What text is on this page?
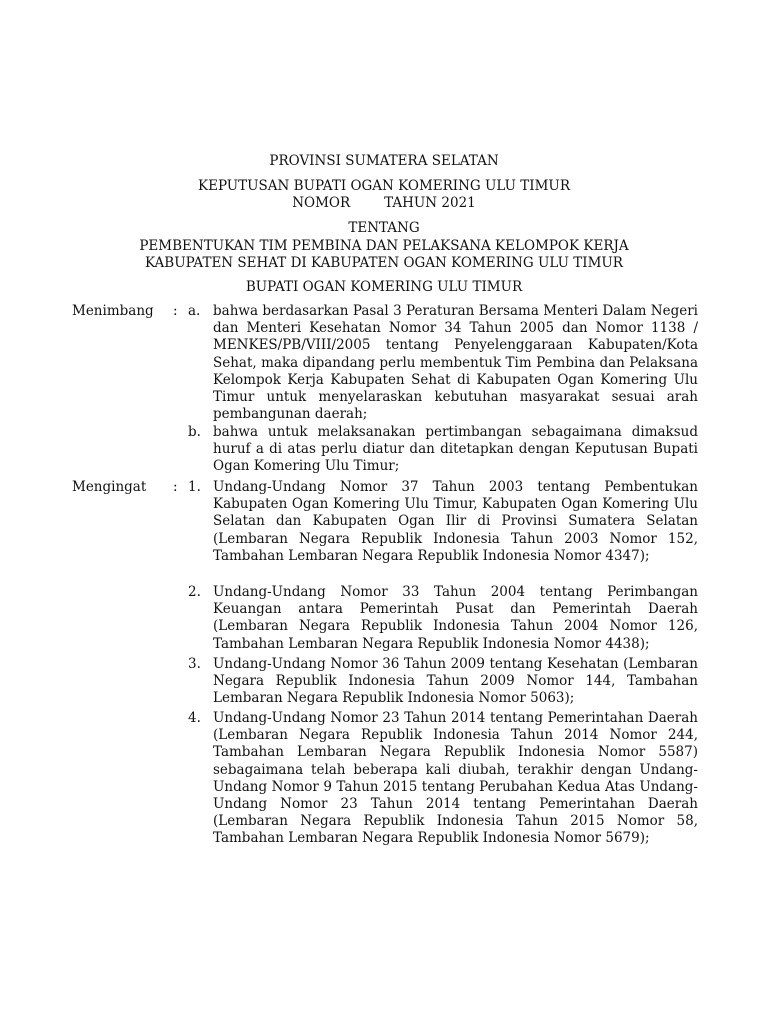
PROVINSI SUMATERA SELATAN
KEPUTUSAN BUPATI OGAN KOMERING ULU TIMUR
NOMOR	TAHUN 2021
TENTANG
PEMBENTUKAN TIM PEMBINA DAN PELAKSANA KELOMPOK KERJA
KABUPATEN SEHAT DI KABUPATEN OGAN KOMERING ULU TIMUR
BUPATI OGAN KOMERING ULU TIMUR
Menimbang : a. bahwa berdasarkan Pasal 3 Peraturan Bersama Menteri Dalam Negeri dan Menteri Kesehatan Nomor 34 Tahun 2005 dan Nomor 1138 / MENKES/PB/VIII/2005 tentang Penyelenggaraan Kabupaten/Kota Sehat, maka dipandang perlu membentuk Tim Pembina dan Pelaksana Kelompok Kerja Kabupaten Sehat di Kabupaten Ogan Komering Ulu Timur untuk menyelaraskan kebutuhan masyarakat sesuai arah pembangunan daerah;
b. bahwa untuk melaksanakan pertimbangan sebagaimana dimaksud huruf a di atas perlu diatur dan ditetapkan dengan Keputusan Bupati Ogan Komering Ulu Timur;
Mengingat : 1. Undang-Undang Nomor 37 Tahun 2003 tentang Pembentukan Kabupaten Ogan Komering Ulu Timur, Kabupaten Ogan Komering Ulu Selatan dan Kabupaten Ogan Ilir di Provinsi Sumatera Selatan (Lembaran Negara Republik Indonesia Tahun 2003 Nomor 152, Tambahan Lembaran Negara Republik Indonesia Nomor 4347);
2. Undang-Undang Nomor 33 Tahun 2004 tentang Perimbangan Keuangan antara Pemerintah Pusat dan Pemerintah Daerah (Lembaran Negara Republik Indonesia Tahun 2004 Nomor 126, Tambahan Lembaran Negara Republik Indonesia Nomor 4438);
3. Undang-Undang Nomor 36 Tahun 2009 tentang Kesehatan (Lembaran Negara Republik Indonesia Tahun 2009 Nomor 144, Tambahan Lembaran Negara Republik Indonesia Nomor 5063);
4. Undang-Undang Nomor 23 Tahun 2014 tentang Pemerintahan Daerah (Lembaran Negara Republik Indonesia Tahun 2014 Nomor 244, Tambahan Lembaran Negara Republik Indonesia Nomor 5587) sebagaimana telah beberapa kali diubah, terakhir dengan Undang-Undang Nomor 9 Tahun 2015 tentang Perubahan Kedua Atas Undang-Undang Nomor 23 Tahun 2014 tentang Pemerintahan Daerah (Lembaran Negara Republik Indonesia Tahun 2015 Nomor 58, Tambahan Lembaran Negara Republik Indonesia Nomor 5679);
